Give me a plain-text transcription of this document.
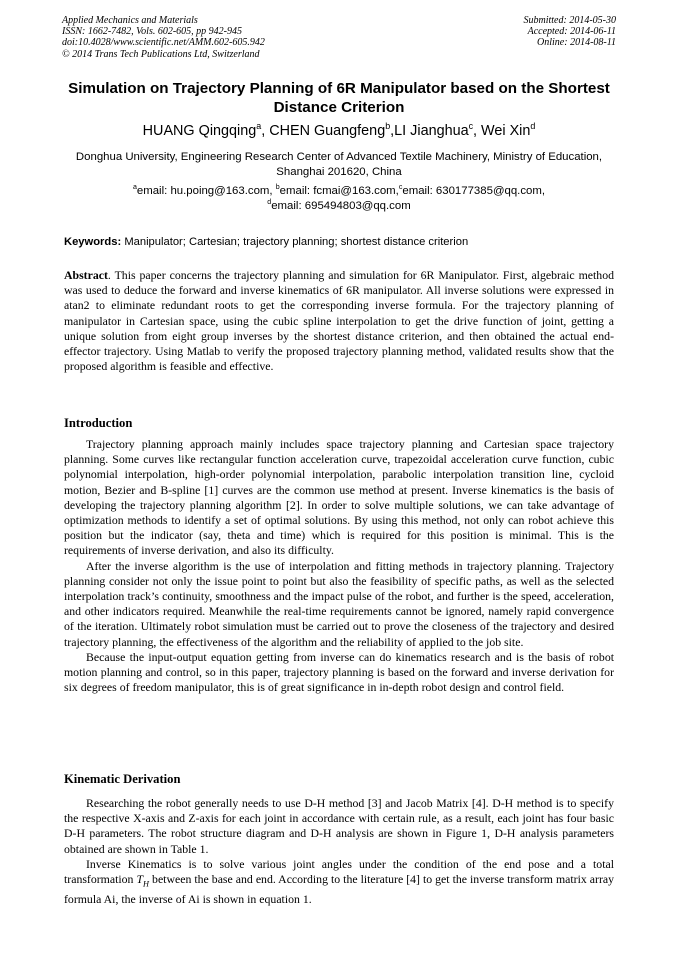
Applied Mechanics and Materials
ISSN: 1662-7482, Vols. 602-605, pp 942-945
doi:10.4028/www.scientific.net/AMM.602-605.942
© 2014 Trans Tech Publications Ltd, Switzerland
Submitted: 2014-05-30
Accepted: 2014-06-11
Online: 2014-08-11
Simulation on Trajectory Planning of 6R Manipulator based on the Shortest Distance Criterion
HUANG Qingqing$^a$, CHEN Guangfeng$^b$,LI Jianghua$^c$, Wei Xin$^d$
Donghua University, Engineering Research Center of Advanced Textile Machinery, Ministry of Education, Shanghai 201620, China
$^a$email: hu.poing@163.com, $^b$email: fcmai@163.com,$^c$email: 630177385@qq.com,
$^d$email: 695494803@qq.com
Keywords: Manipulator; Cartesian; trajectory planning; shortest distance criterion

Abstract. This paper concerns the trajectory planning and simulation for 6R Manipulator. First, algebraic method was used to deduce the forward and inverse kinematics of 6R manipulator. All inverse solutions were expressed in atan2 to eliminate redundant roots to get the corresponding inverse formula. For the trajectory planning of manipulator in Cartesian space, using the cubic spline interpolation to get the drive function of joint, getting a unique solution from eight group inverses by the shortest distance criterion, and then obtained the actual end-effector trajectory. Using Matlab to verify the proposed trajectory planning method, validated results show that the proposed algorithm is feasible and effective.

Introduction

Trajectory planning approach mainly includes space trajectory planning and Cartesian space trajectory planning. Some curves like rectangular function acceleration curve, trapezoidal acceleration curve function, cubic polynomial interpolation, high-order polynomial interpolation, parabolic interpolation transition line, cycloid motion, Bezier and B-spline [1] curves are the common use method at present. Inverse kinematics is the basis of developing the trajectory planning algorithm [2]. In order to solve multiple solutions, we can take advantage of optimization methods to identify a set of optimal solutions. By using this method, not only can robot achieve this position but the indicator (say, theta and time) which is required for this position is minimal. This is the requirements of inverse derivation, and also its difficulty.

After the inverse algorithm is the use of interpolation and fitting methods in trajectory planning. Trajectory planning consider not only the issue point to point but also the feasibility of specific paths, as well as the selected interpolation track’s continuity, smoothness and the impact pulse of the robot, and further is the speed, acceleration, and other indicators required. Meanwhile the real-time requirements cannot be ignored, namely rapid convergence of the iteration. Ultimately robot simulation must be carried out to prove the closeness of the trajectory and desired trajectory planning, the effectiveness of the algorithm and the reliability of applied to the job site.

Because the input-output equation getting from inverse can do kinematics research and is the basis of robot motion planning and control, so in this paper, trajectory planning is based on the forward and inverse derivation for six degrees of freedom manipulator, this is of great significance in in-depth robot design and control field.

Kinematic Derivation

Researching the robot generally needs to use D-H method [3] and Jacob Matrix [4]. D-H method is to specify the respective X-axis and Z-axis for each joint in accordance with certain rule, as a result, each joint has four basic D-H parameters. The robot structure diagram and D-H analysis are shown in Figure 1, D-H analysis parameters obtained are shown in Table 1.

Inverse Kinematics is to solve various joint angles under the condition of the end pose and a total transformation $T_H$ between the base and end. According to the literature [4] to get the inverse transform matrix array formula Ai, the inverse of Ai is shown in equation 1.
